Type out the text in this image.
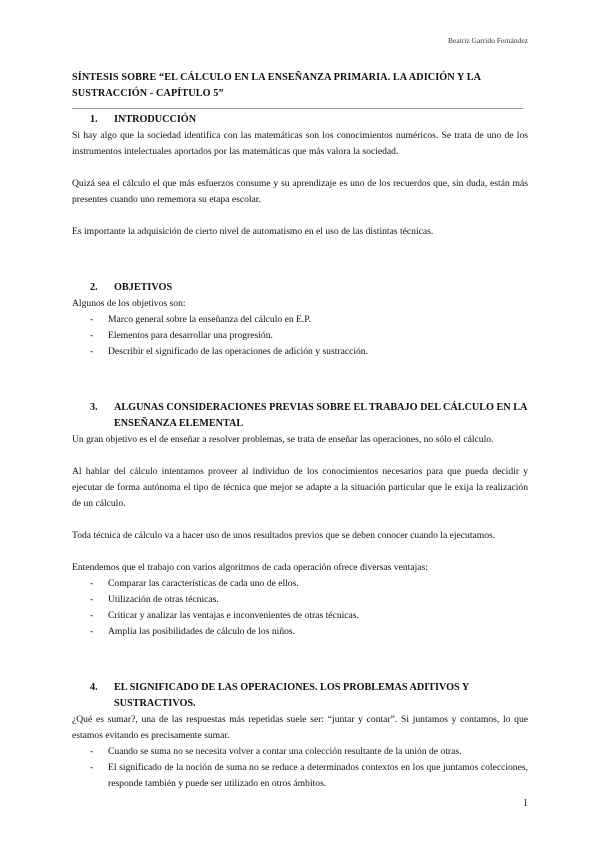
Beatriz Garrido Fernández
SÍNTESIS SOBRE “EL CÁLCULO EN LA ENSEÑANZA PRIMARIA. LA ADICIÓN Y LA SUSTRACCIÓN - CAPÍTULO 5”
1.	INTRODUCCIÓN

Si hay algo que la sociedad identifica con las matemáticas son los conocimientos numéricos. Se trata de uno de los instrumentos intelectuales aportados por las matemáticas que más valora la sociedad.

Quizá sea el cálculo el que más esfuerzos consume y su aprendizaje es uno de los recuerdos que, sin duda, están más presentes cuando uno rememora su etapa escolar.

Es importante la adquisición de cierto nivel de automatismo en el uso de las distintas técnicas.

2.	OBJETIVOS

Algunos de los objetivos son:

-	Marco general sobre la enseñanza del cálculo en E.P.
-	Elementos para desarrollar una progresión.
-	Describir el significado de las operaciones de adición y sustracción.
3.	ALGUNAS CONSIDERACIONES PREVIAS SOBRE EL TRABAJO DEL CÁLCULO EN LA ENSEÑANZA ELEMENTAL

Un gran objetivo es el de enseñar a resolver problemas, se trata de enseñar las operaciones, no sólo el cálculo.

Al hablar del cálculo intentamos proveer al individuo de los conocimientos necesarios para que pueda decidir y ejecutar de forma autónoma el tipo de técnica que mejor se adapte a la situación particular que le exija la realización de un cálculo.

Toda técnica de cálculo va a hacer uso de unos resultados previos que se deben conocer cuando la ejecutamos.

Entendemos que el trabajo con varios algoritmos de cada operación ofrece diversas ventajas:

-	Comparar las características de cada uno de ellos.
-	Utilización de otras técnicas.
-	Criticar y analizar las ventajas e inconvenientes de otras técnicas.
-	Amplía las posibilidades de cálculo de los niños.
4.	EL SIGNIFICADO DE LAS OPERACIONES. LOS PROBLEMAS ADITIVOS Y SUSTRACTIVOS.

¿Qué es sumar?, una de las respuestas más repetidas suele ser: “juntar y contar”. Si juntamos y contamos, lo que estamos evitando es precisamente sumar.

-	Cuando se suma no se necesita volver a contar una colección resultante de la unión de otras.
-	El significado de la noción de suma no se reduce a determinados contextos en los que juntamos colecciones, responde también y puede ser utilizado en otros ámbitos.
1
